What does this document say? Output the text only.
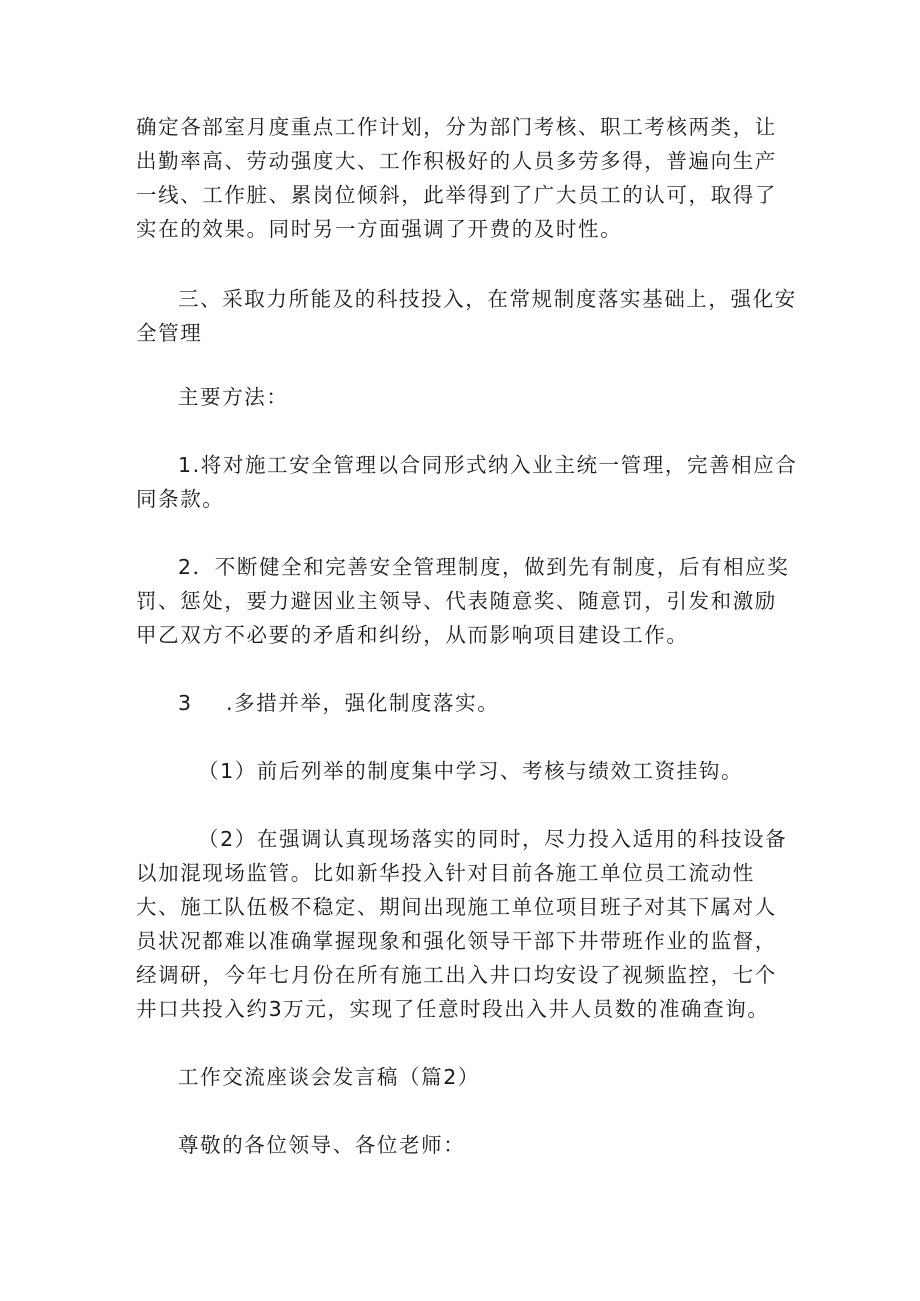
确定各部室月度重点工作计划，分为部门考核、职工考核两类，让出勤率高、劳动强度大、工作积极好的人员多劳多得，普遍向生产一线、工作脏、累岗位倾斜，此举得到了广大员工的认可，取得了实在的效果。同时另一方面强调了开费的及时性。

三、采取力所能及的科技投入，在常规制度落实基础上，强化安全管理

主要方法：

1.将对施工安全管理以合同形式纳入业主统一管理，完善相应合同条款。

2．不断健全和完善安全管理制度，做到先有制度，后有相应奖罚、惩处，要力避因业主领导、代表随意奖、随意罚，引发和激励甲乙双方不必要的矛盾和纠纷，从而影响项目建设工作。

3 .多措并举，强化制度落实。

（1）前后列举的制度集中学习、考核与绩效工资挂钩。

（2）在强调认真现场落实的同时，尽力投入适用的科技设备以加混现场监管。比如新华投入针对目前各施工单位员工流动性大、施工队伍极不稳定、期间出现施工单位项目班子对其下属对人员状况都难以准确掌握现象和强化领导干部下井带班作业的监督，经调研，今年七月份在所有施工出入井口均安设了视频监控，七个井口共投入约3万元，实现了任意时段出入井人员数的准确查询。

工作交流座谈会发言稿（篇2）

尊敬的各位领导、各位老师：
